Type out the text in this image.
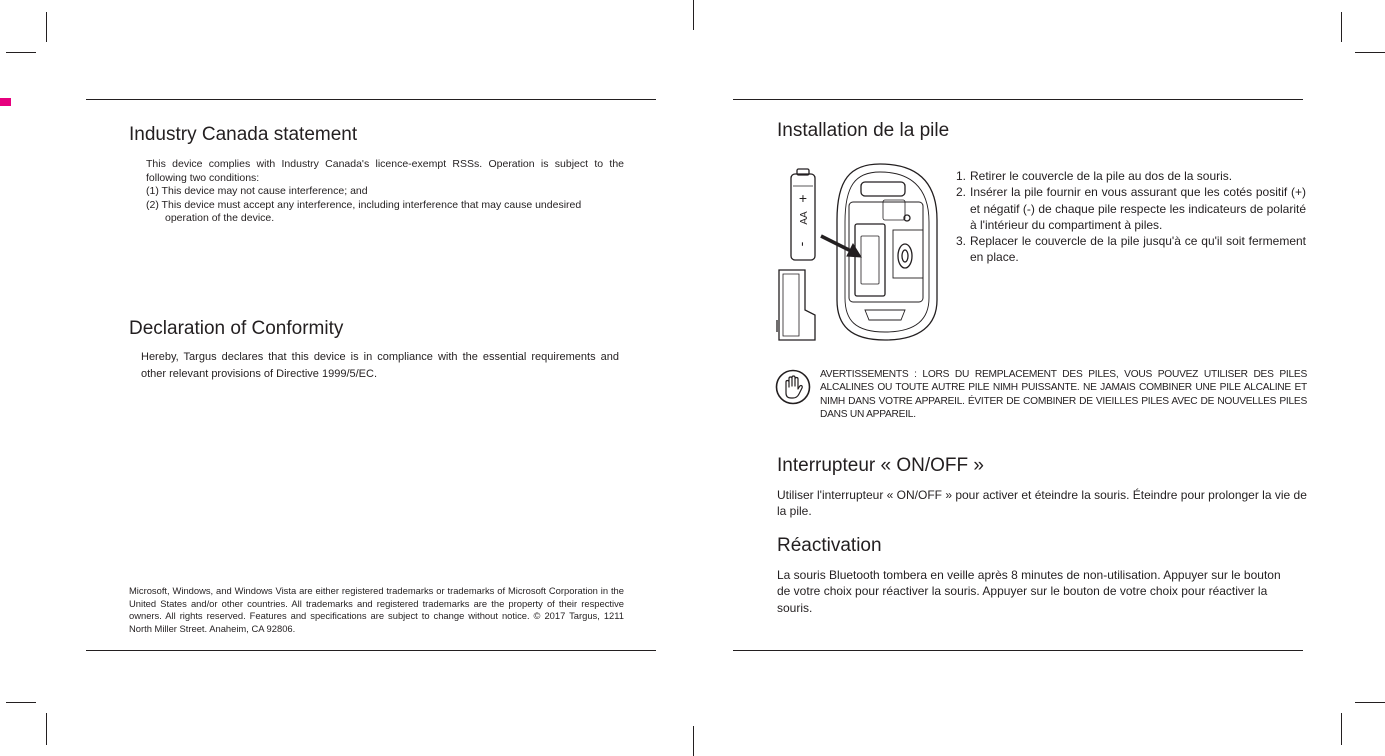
Industry Canada statement
This device complies with Industry Canada's licence-exempt RSSs. Operation is subject to the following two conditions:
(1) This device may not cause interference; and
(2) This device must accept any interference, including interference that may cause undesired
operation of the device.
Declaration of Conformity
Hereby, Targus declares that this device is in compliance with the essential requirements and other relevant provisions of Directive 1999/5/EC.
Microsoft, Windows, and Windows Vista are either registered trademarks or trademarks of Microsoft Corporation in the United States and/or other countries. All trademarks and registered trademarks are the property of their respective owners. All rights reserved. Features and specifications are subject to change without notice. © 2017 Targus, 1211 North Miller Street. Anaheim, CA 92806.
Installation de la pile
+
AA
-
1. Retirer le couvercle de la pile au dos de la souris.
2. Insérer la pile fournir en vous assurant que les cotés positif (+) et négatif (-) de chaque pile respecte les indicateurs de polarité à l'intérieur du compartiment à piles.
3. Replacer le couvercle de la pile jusqu'à ce qu'il soit fermement en place.
AVERTISSEMENTS : LORS DU REMPLACEMENT DES PILES, VOUS POUVEZ UTILISER DES PILES ALCALINES OU TOUTE AUTRE PILE NIMH PUISSANTE. NE JAMAIS COMBINER UNE PILE ALCALINE ET NIMH DANS VOTRE APPAREIL. ÉVITER DE COMBINER DE VIEILLES PILES AVEC DE NOUVELLES PILES DANS UN APPAREIL.
Interrupteur « ON/OFF »
Utiliser l'interrupteur « ON/OFF » pour activer et éteindre la souris. Éteindre pour prolonger la vie de la pile.
Réactivation
La souris Bluetooth tombera en veille après 8 minutes de non-utilisation. Appuyer sur le bouton de votre choix pour réactiver la souris. Appuyer sur le bouton de votre choix pour réactiver la souris.
